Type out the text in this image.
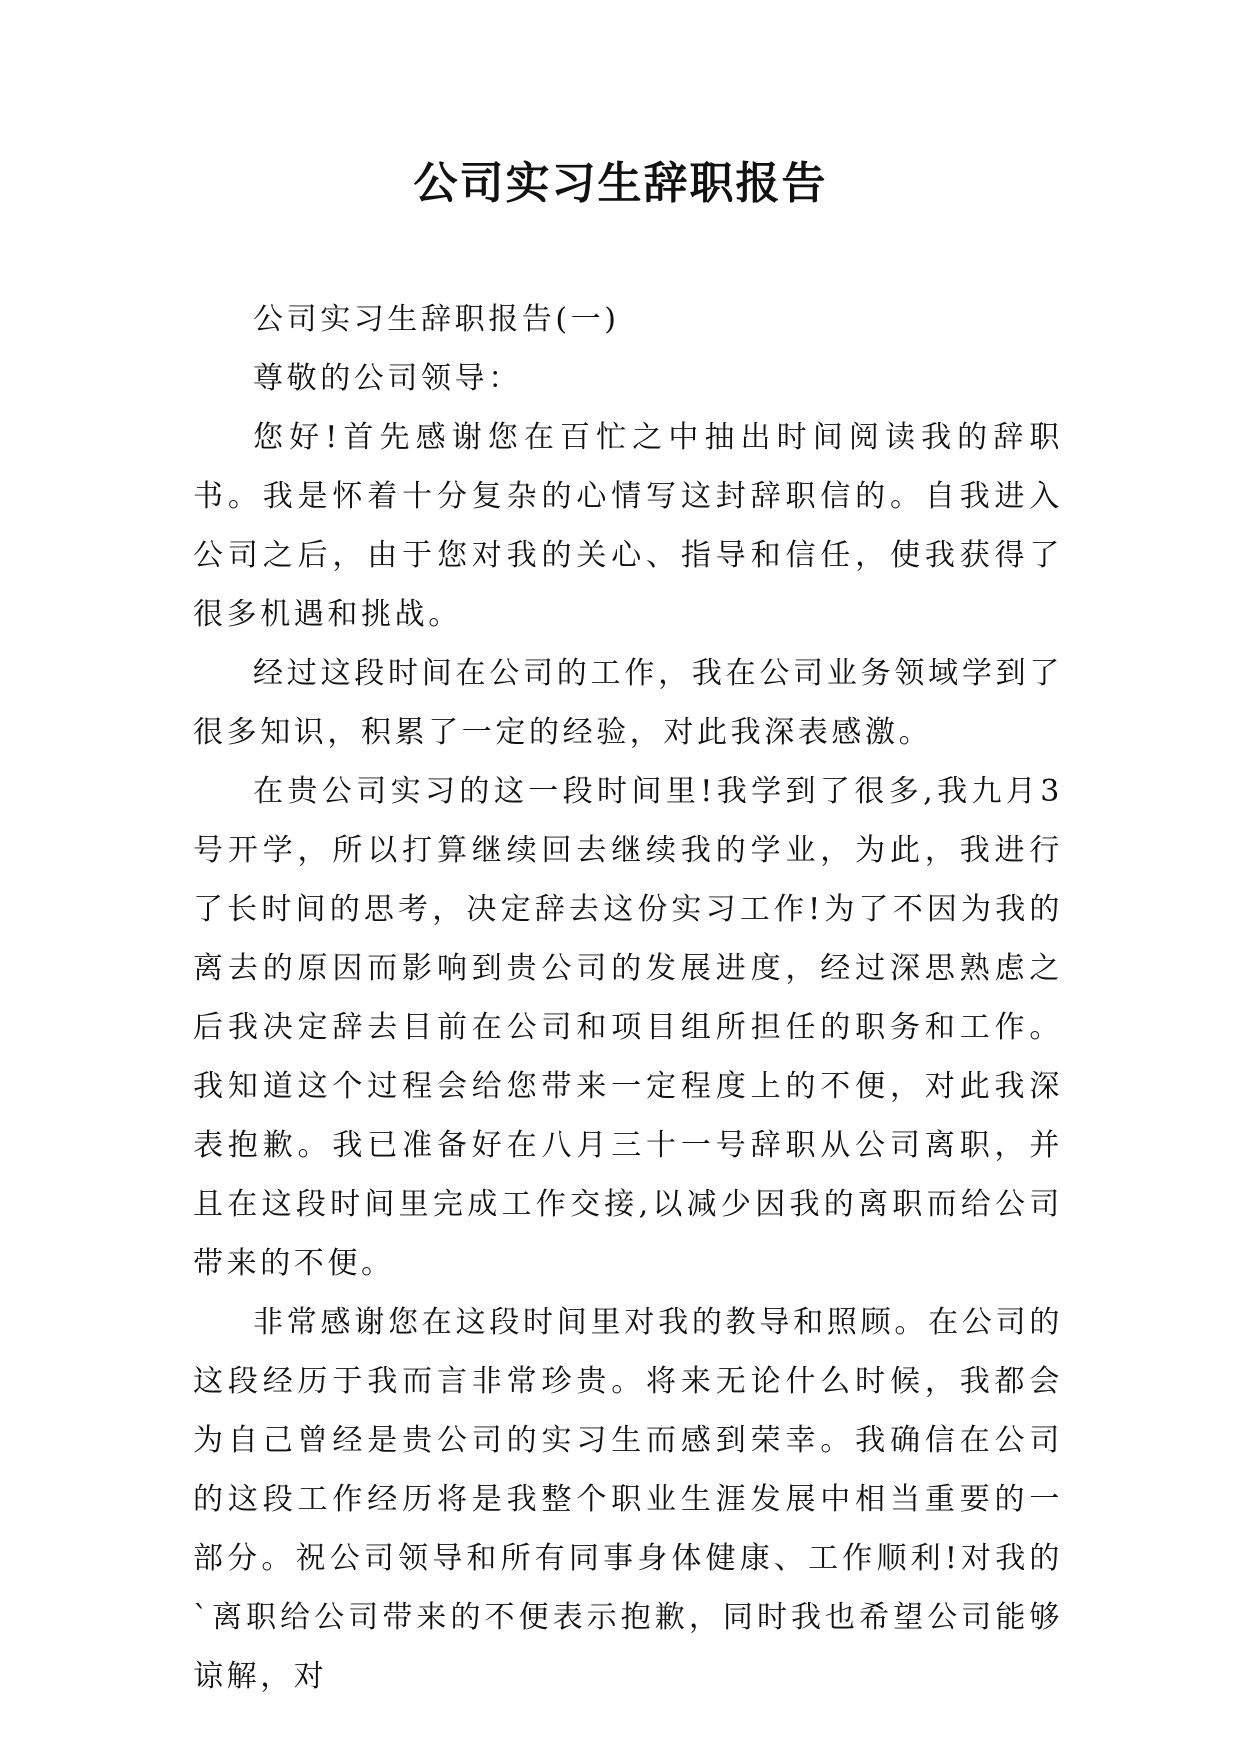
公司实习生辞职报告

公司实习生辞职报告(一)

尊敬的公司领导：

您好!首先感谢您在百忙之中抽出时间阅读我的辞职书。我是怀着十分复杂的心情写这封辞职信的。自我进入公司之后，由于您对我的关心、指导和信任，使我获得了很多机遇和挑战。

经过这段时间在公司的工作，我在公司业务领域学到了很多知识，积累了一定的经验，对此我深表感激。

在贵公司实习的这一段时间里!我学到了很多,我九月3号开学，所以打算继续回去继续我的学业，为此，我进行了长时间的思考，决定辞去这份实习工作!为了不因为我的离去的原因而影响到贵公司的发展进度，经过深思熟虑之后我决定辞去目前在公司和项目组所担任的职务和工作。我知道这个过程会给您带来一定程度上的不便，对此我深表抱歉。我已准备好在八月三十一号辞职从公司离职，并且在这段时间里完成工作交接,以减少因我的离职而给公司带来的不便。

非常感谢您在这段时间里对我的教导和照顾。在公司的这段经历于我而言非常珍贵。将来无论什么时候，我都会为自己曾经是贵公司的实习生而感到荣幸。我确信在公司的这段工作经历将是我整个职业生涯发展中相当重要的一部分。祝公司领导和所有同事身体健康、工作顺利!对我的`离职给公司带来的不便表示抱歉，同时我也希望公司能够谅解，对
